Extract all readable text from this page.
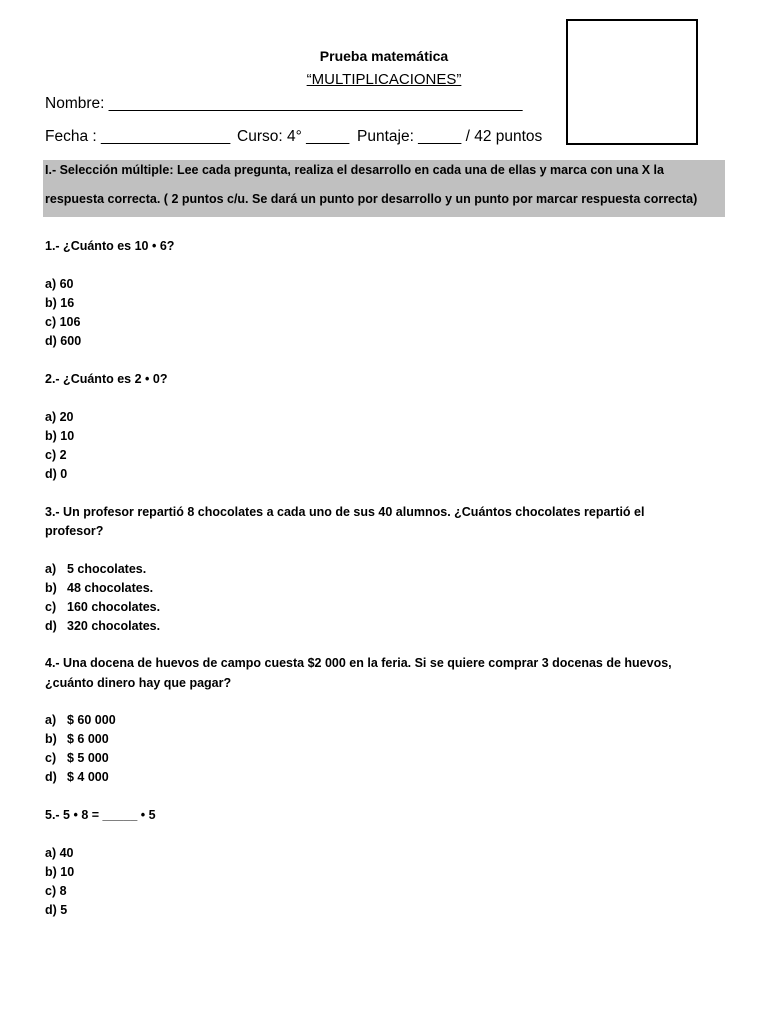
Prueba matemática
“MULTIPLICACIONES”
Nombre: ________________________________________________
Fecha : _______________ Curso: 4° _____ Puntaje: _____ / 42 puntos
I.- Selección múltiple: Lee cada pregunta, realiza el desarrollo en cada una de ellas y marca con una X la
respuesta correcta. ( 2 puntos c/u. Se dará un punto por desarrollo y un punto por marcar respuesta correcta)
1.- ¿Cuánto es 10 • 6?
a) 60
b) 16
c) 106
d) 600
2.- ¿Cuánto es 2 • 0?
a) 20
b) 10
c) 2
d) 0
3.- Un profesor repartió 8 chocolates a cada uno de sus 40 alumnos. ¿Cuántos chocolates repartió el
profesor?
a) 5 chocolates.
b) 48 chocolates.
c) 160 chocolates.
d) 320 chocolates.
4.- Una docena de huevos de campo cuesta $2 000 en la feria. Si se quiere comprar 3 docenas de huevos,
¿cuánto dinero hay que pagar?
a) $ 60 000
b) $ 6 000
c) $ 5 000
d) $ 4 000
5.- 5 • 8 = _____ • 5
a) 40
b) 10
c) 8
d) 5
